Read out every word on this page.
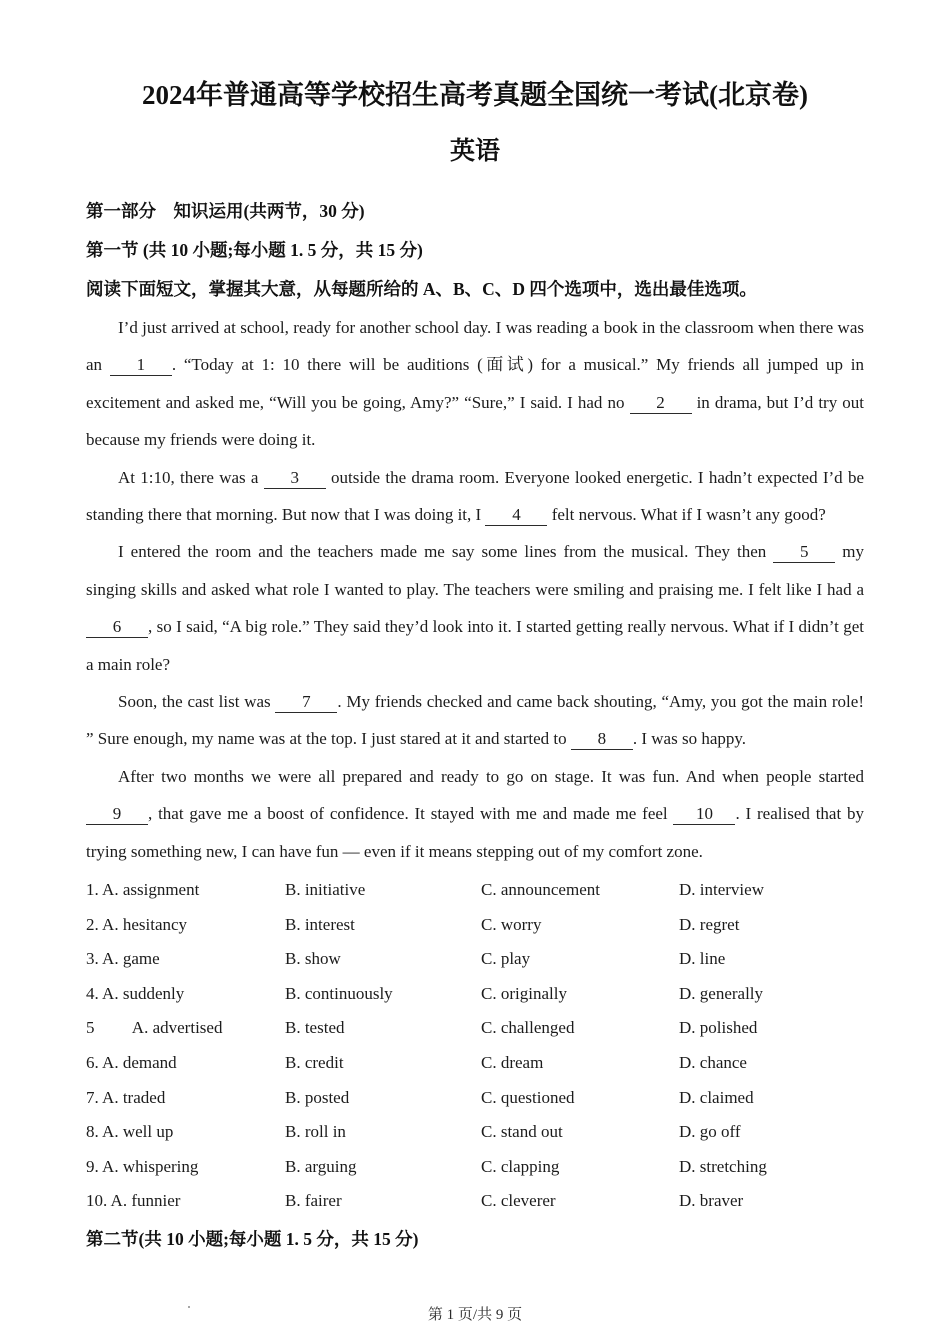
2024年普通高等学校招生高考真题全国统一考试(北京卷)
英语
第一部分　知识运用(共两节，30 分)
第一节 (共 10 小题;每小题 1. 5 分，共 15 分)
阅读下面短文，掌握其大意，从每题所给的 A、B、C、D 四个选项中，选出最佳选项。

I’d just arrived at school, ready for another school day. I was reading a book in the classroom when there was an 1 . “Today at 1: 10 there will be auditions (面试) for a musical.” My friends all jumped up in excitement and asked me, “Will you be going, Amy?” “Sure,” I said. I had no 2 in drama, but I’d try out because my friends were doing it.

At 1:10, there was a 3 outside the drama room. Everyone looked energetic. I hadn’t expected I’d be standing there that morning. But now that I was doing it, I 4 felt nervous. What if I wasn’t any good?

I entered the room and the teachers made me say some lines from the musical. They then 5 my singing skills and asked what role I wanted to play. The teachers were smiling and praising me. I felt like I had a 6 , so I said, “A big role.” They said they’d look into it. I started getting really nervous. What if I didn’t get a main role?

Soon, the cast list was 7 . My friends checked and came back shouting, “Amy, you got the main role! ” Sure enough, my name was at the top. I just stared at it and started to 8 . I was so happy.

After two months we were all prepared and ready to go on stage. It was fun. And when people started 9 , that gave me a boost of confidence. It stayed with me and made me feel 10 . I realised that by trying something new, I can have fun — even if it means stepping out of my comfort zone.

1. A. assignment	B. initiative	C. announcement	D. interview
2. A. hesitancy	B. interest	C. worry	D. regret
3. A. game	B. show	C. play	D. line
4. A. suddenly	B. continuously	C. originally	D. generally
5         A. advertised	B. tested	C. challenged	D. polished
6. A. demand	B. credit	C. dream	D. chance
7. A. traded	B. posted	C. questioned	D. claimed
8. A. well up	B. roll in	C. stand out	D. go off
9. A. whispering	B. arguing	C. clapping	D. stretching
10. A. funnier	B. fairer	C. cleverer	D. braver
第二节(共 10 小题;每小题 1. 5 分，共 15 分)
第 1 页/共 9 页
